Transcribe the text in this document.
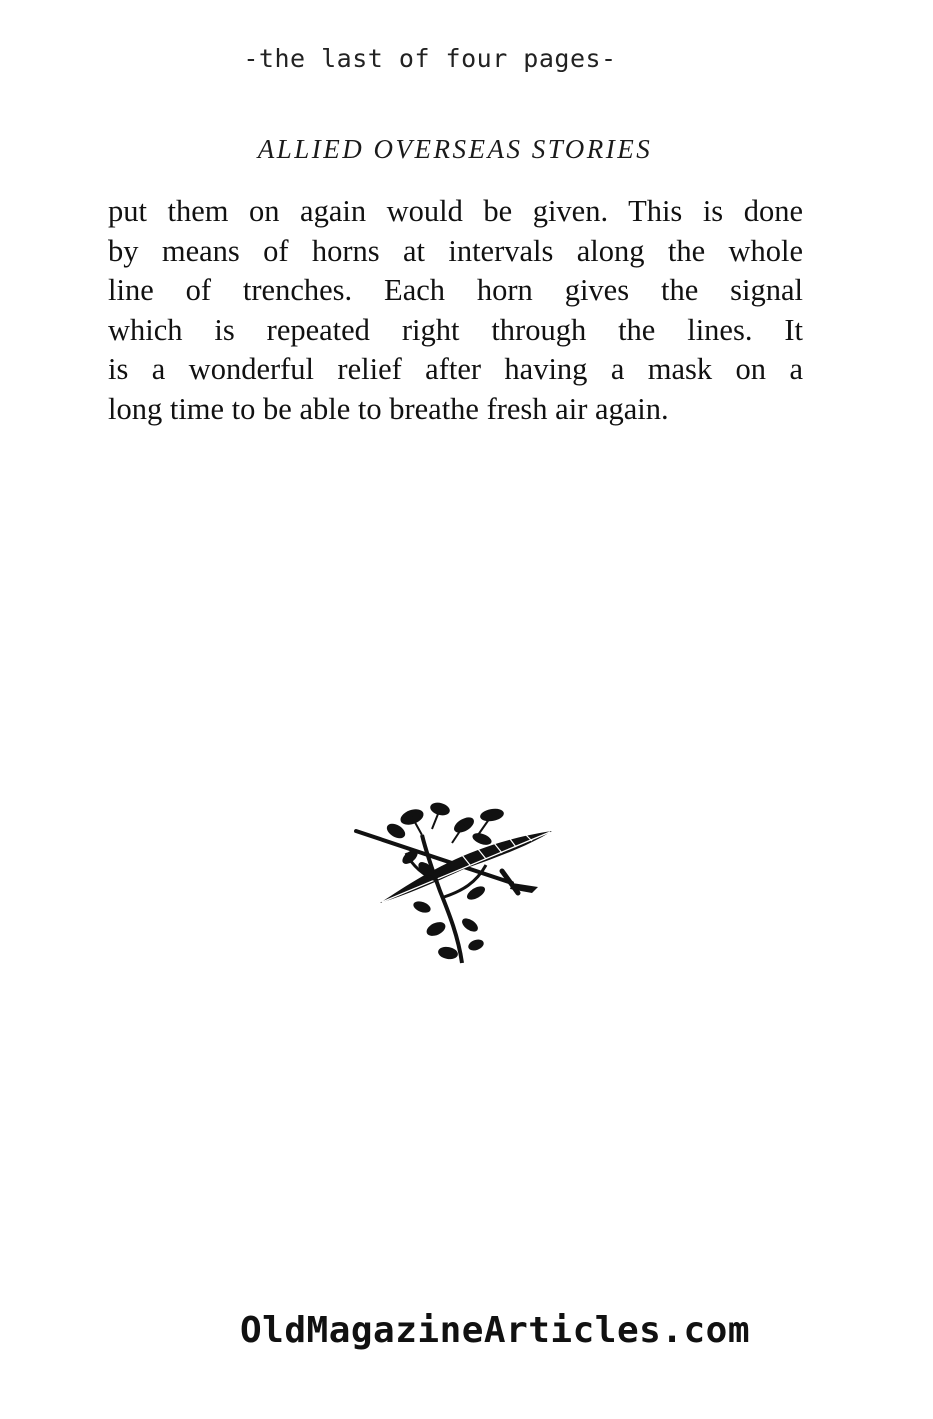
-the last of four pages-
ALLIED OVERSEAS STORIES
put them on again would be given. This is done
by means of horns at intervals along the whole
line of trenches. Each horn gives the signal
which is repeated right through the lines. It
is a wonderful relief after having a mask on a
long time to be able to breathe fresh air again.
OldMagazineArticles.com
